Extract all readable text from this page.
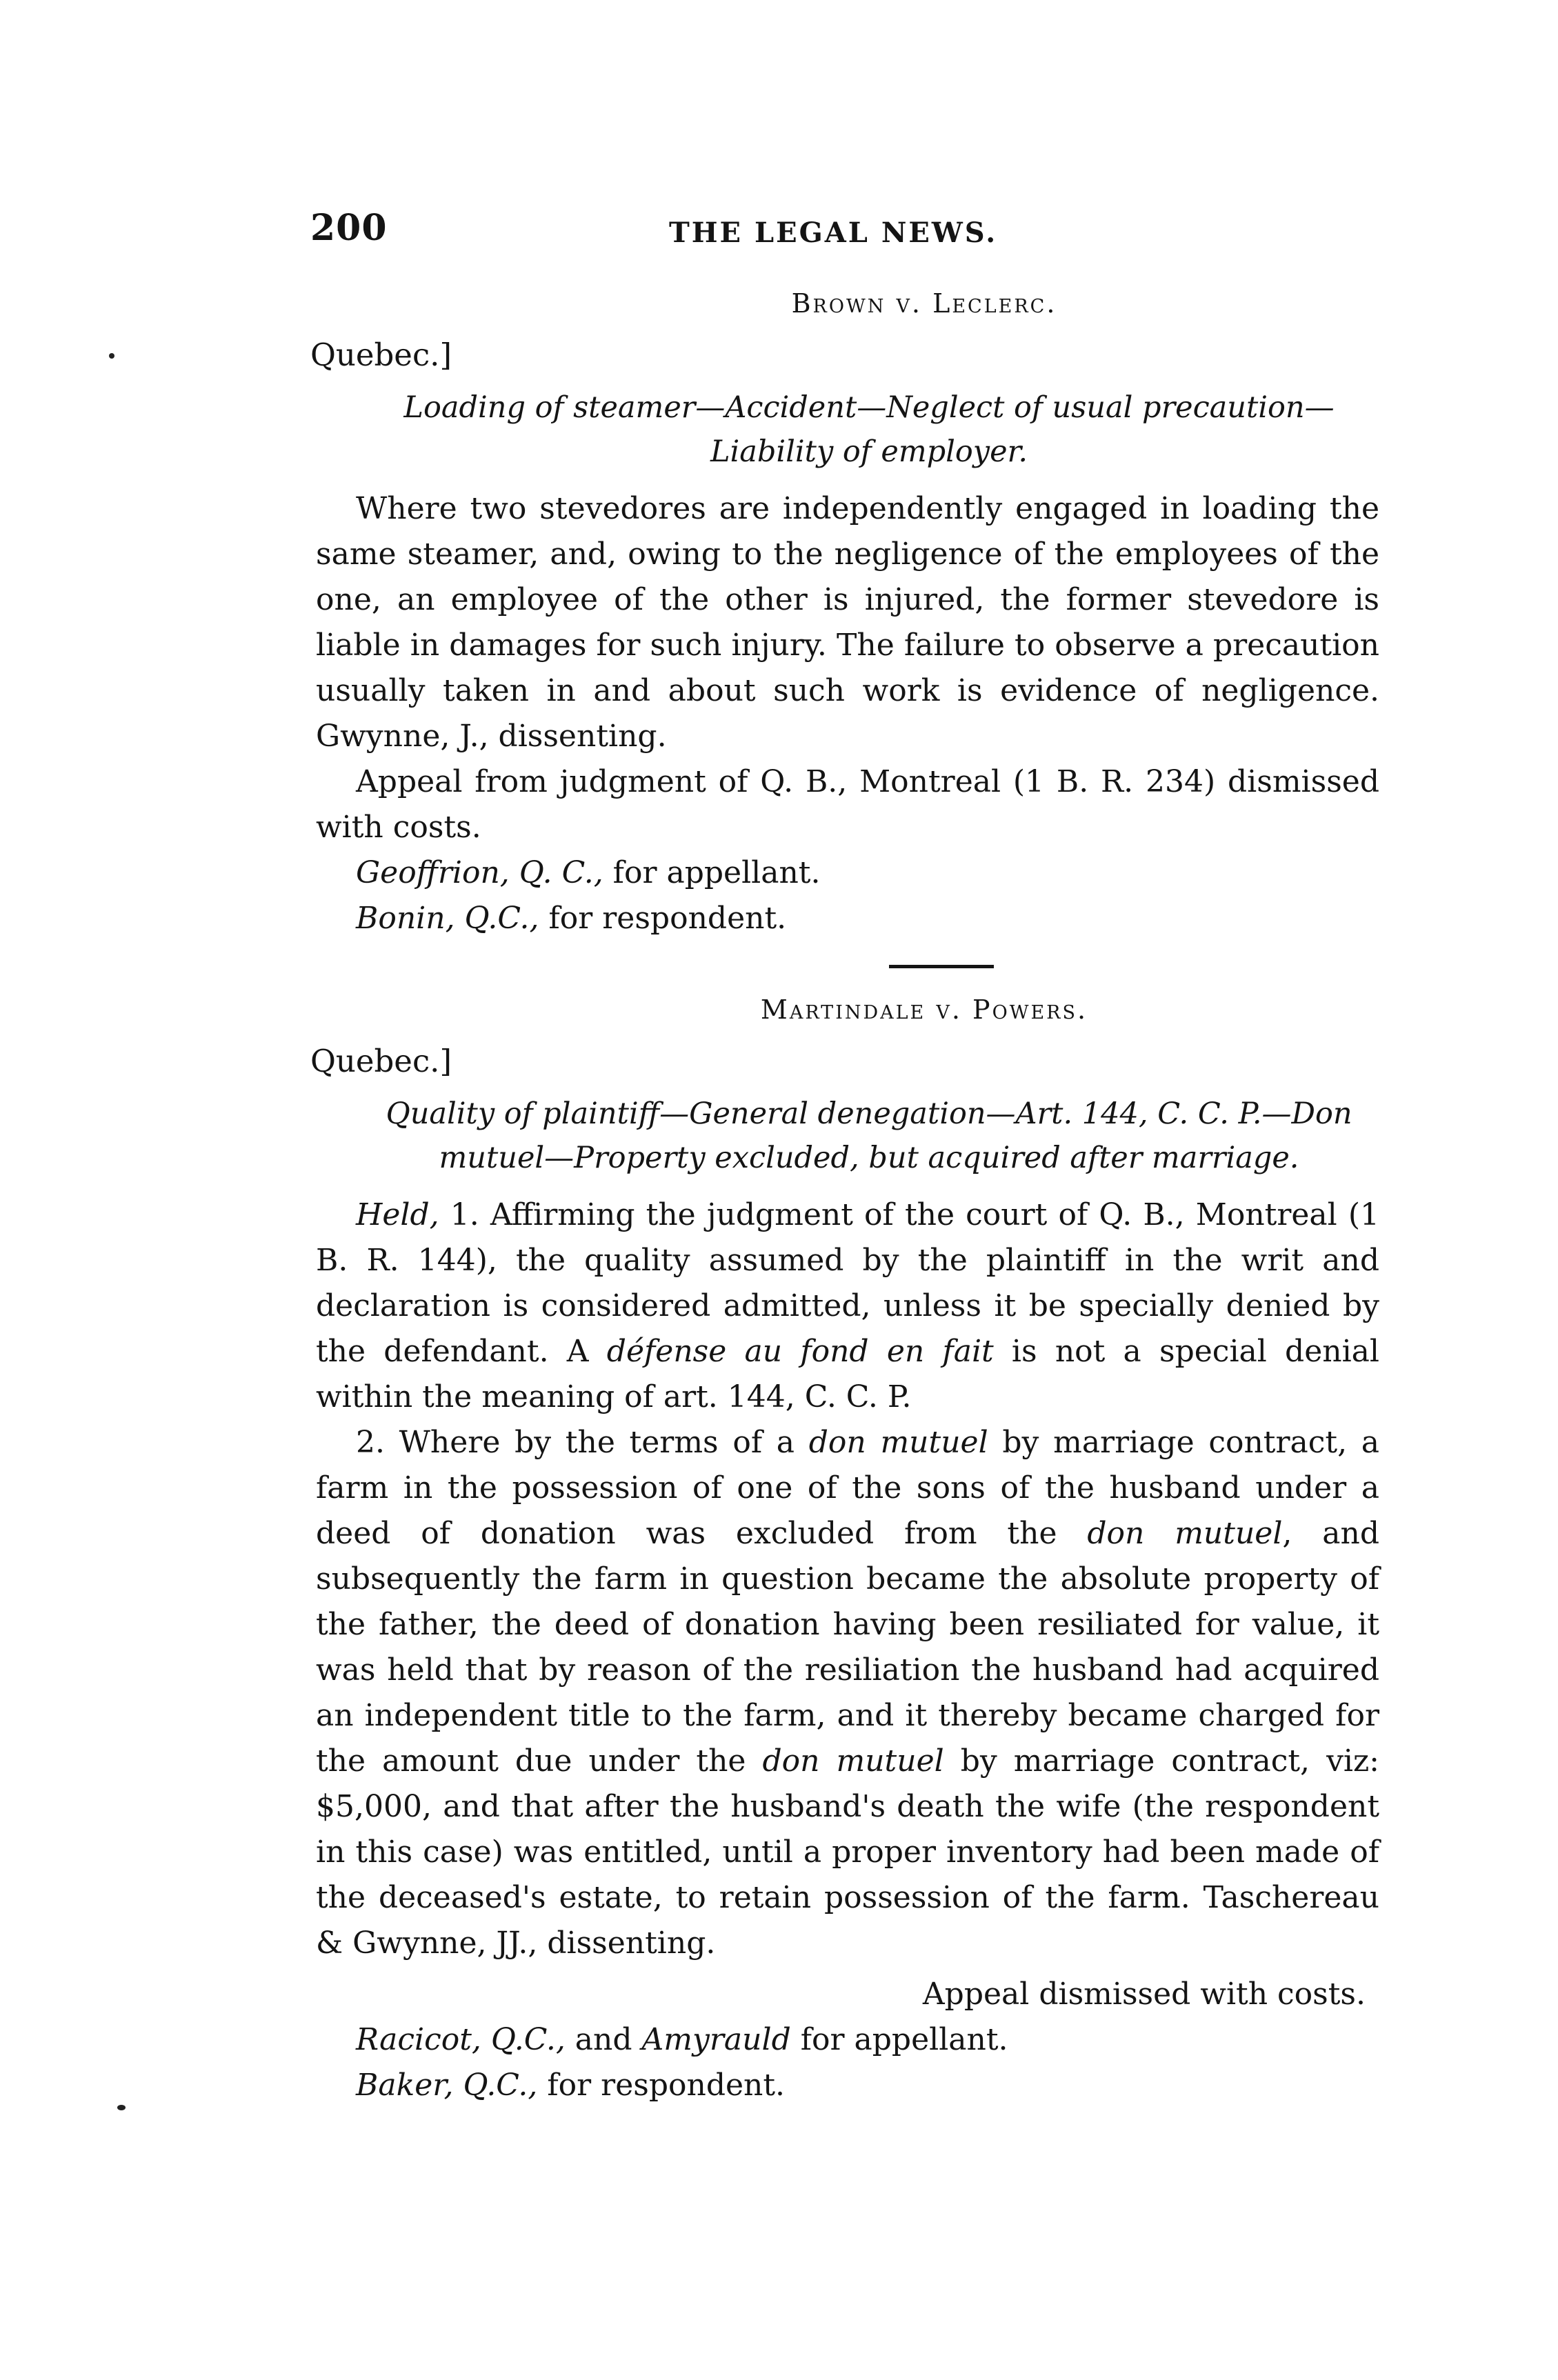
200	THE LEGAL NEWS.
Brown v. Leclerc.
Quebec.]
Loading of steamer—Accident—Neglect of usual precaution—
Liability of employer.

Where two stevedores are independently engaged in loading the same steamer, and, owing to the negligence of the employees of the one, an employee of the other is injured, the former stevedore is liable in damages for such injury. The failure to observe a precaution usually taken in and about such work is evidence of negligence. Gwynne, J., dissenting.

Appeal from judgment of Q. B., Montreal (1 B. R. 234) dismissed with costs.

Geoffrion, Q. C., for appellant.
Bonin, Q.C., for respondent.
Martindale v. Powers.
Quebec.]
Quality of plaintiff—General denegation—Art. 144, C. C. P.—Don
mutuel—Property excluded, but acquired after marriage.

Held, 1. Affirming the judgment of the court of Q. B., Montreal (1 B. R. 144), the quality assumed by the plaintiff in the writ and declaration is considered admitted, unless it be specially denied by the defendant. A défense au fond en fait is not a special denial within the meaning of art. 144, C. C. P.

2. Where by the terms of a don mutuel by marriage contract, a farm in the possession of one of the sons of the husband under a deed of donation was excluded from the don mutuel, and subsequently the farm in question became the absolute property of the father, the deed of donation having been resiliated for value, it was held that by reason of the resiliation the husband had acquired an independent title to the farm, and it thereby became charged for the amount due under the don mutuel by marriage contract, viz: $5,000, and that after the husband's death the wife (the respondent in this case) was entitled, until a proper inventory had been made of the deceased's estate, to retain possession of the farm. Taschereau & Gwynne, JJ., dissenting.

Appeal dismissed with costs.
Racicot, Q.C., and Amyrauld for appellant.
Baker, Q.C., for respondent.
